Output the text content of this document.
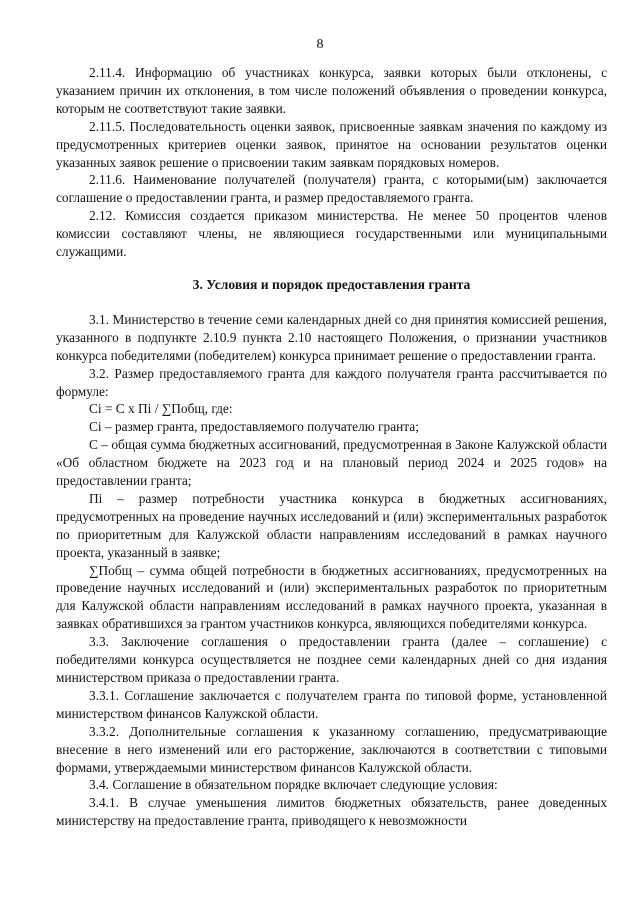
8

2.11.4. Информацию об участниках конкурса, заявки которых были отклонены, с указанием причин их отклонения, в том числе положений объявления о проведении конкурса, которым не соответствуют такие заявки.

2.11.5. Последовательность оценки заявок, присвоенные заявкам значения по каждому из предусмотренных критериев оценки заявок, принятое на основании результатов оценки указанных заявок решение о присвоении таким заявкам порядковых номеров.

2.11.6. Наименование получателей (получателя) гранта, с которыми(ым) заключается соглашение о предоставлении гранта, и размер предоставляемого гранта.

2.12. Комиссия создается приказом министерства. Не менее 50 процентов членов комиссии составляют члены, не являющиеся государственными или муниципальными служащими.

3. Условия и порядок предоставления гранта

3.1. Министерство в течение семи календарных дней со дня принятия комиссией решения, указанного в подпункте 2.10.9 пункта 2.10 настоящего Положения, о признании участников конкурса победителями (победителем) конкурса принимает решение о предоставлении гранта.

3.2. Размер предоставляемого гранта для каждого получателя гранта рассчитывается по формуле:

Ci = С x Пi / ∑Побщ, где:

Ci – размер гранта, предоставляемого получателю гранта;

С – общая сумма бюджетных ассигнований, предусмотренная в Законе Калужской области «Об областном бюджете на 2023 год и на плановый период 2024 и 2025 годов» на предоставлении гранта;

Пi – размер потребности участника конкурса в бюджетных ассигнованиях, предусмотренных на проведение научных исследований и (или) экспериментальных разработок по приоритетным для Калужской области направлениям исследований в рамках научного проекта, указанный в заявке;

∑Побщ – сумма общей потребности в бюджетных ассигнованиях, предусмотренных на проведение научных исследований и (или) экспериментальных разработок по приоритетным для Калужской области направлениям исследований в рамках научного проекта, указанная в заявках обратившихся за грантом участников конкурса, являющихся победителями конкурса.

3.3. Заключение соглашения о предоставлении гранта (далее – соглашение) с победителями конкурса осуществляется не позднее семи календарных дней со дня издания министерством приказа о предоставлении гранта.

3.3.1. Соглашение заключается с получателем гранта по типовой форме, установленной министерством финансов Калужской области.

3.3.2. Дополнительные соглашения к указанному соглашению, предусматривающие внесение в него изменений или его расторжение, заключаются в соответствии с типовыми формами, утверждаемыми министерством финансов Калужской области.

3.4. Соглашение в обязательном порядке включает следующие условия:

3.4.1. В случае уменьшения лимитов бюджетных обязательств, ранее доведенных министерству на предоставление гранта, приводящего к невозможности
